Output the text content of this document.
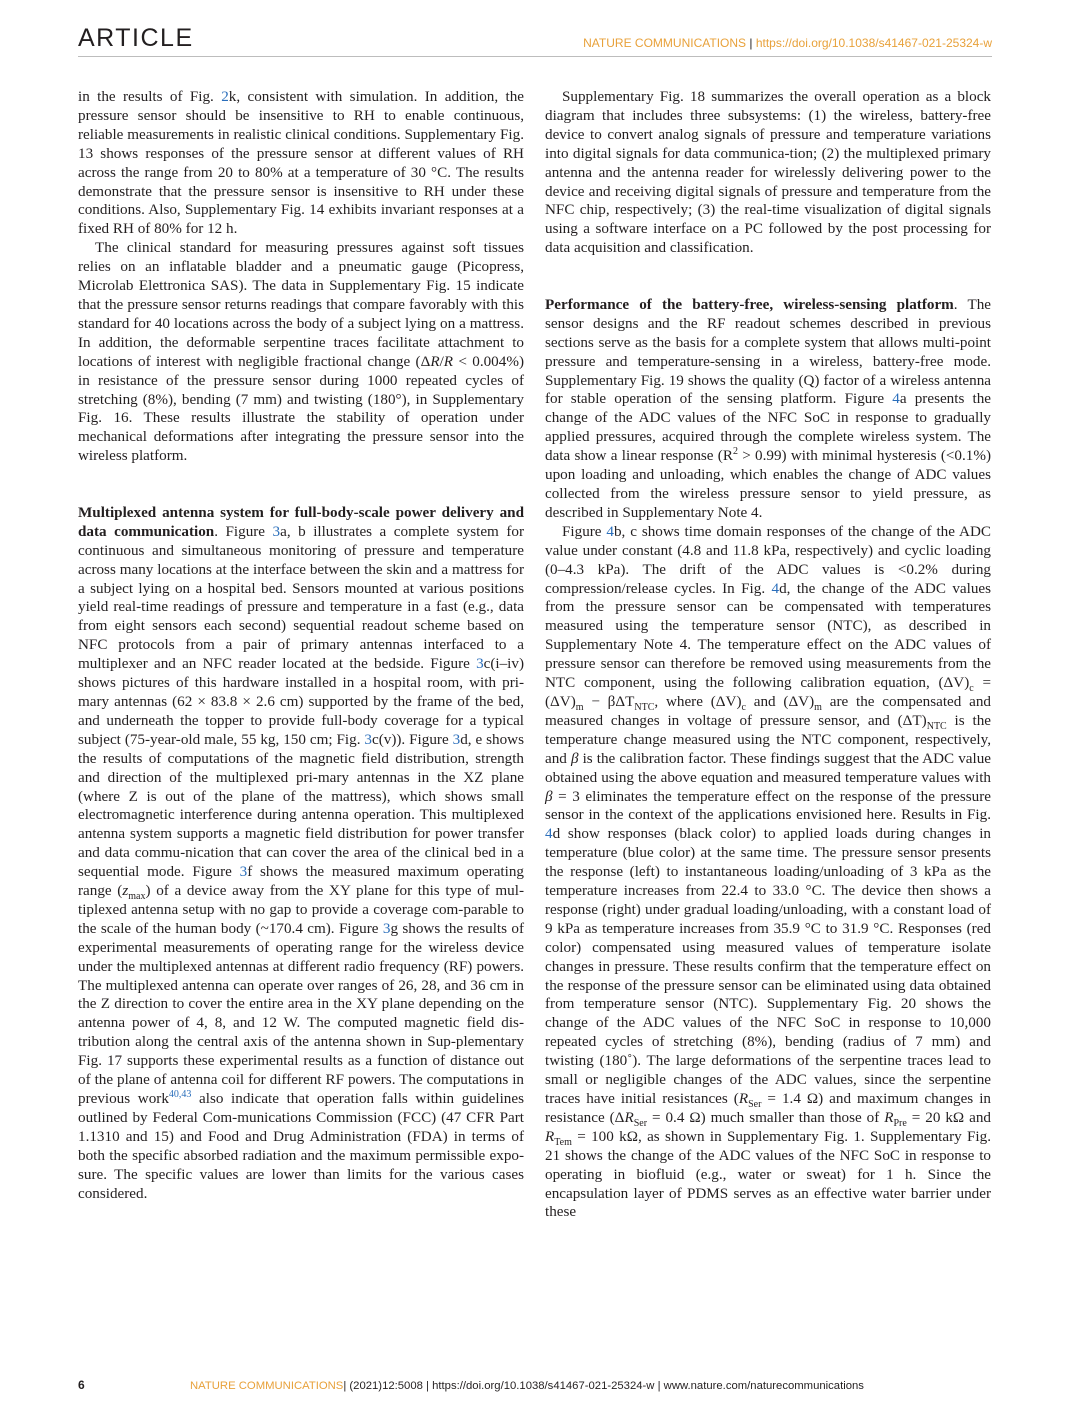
ARTICLE	NATURE COMMUNICATIONS | https://doi.org/10.1038/s41467-021-25324-w

in the results of Fig. 2k, consistent with simulation. In addition, the pressure sensor should be insensitive to RH to enable continuous, reliable measurements in realistic clinical conditions. Supplementary Fig. 13 shows responses of the pressure sensor at different values of RH across the range from 20 to 80% at a temperature of 30 °C. The results demonstrate that the pressure sensor is insensitive to RH under these conditions. Also, Supplementary Fig. 14 exhibits invariant responses at a fixed RH of 80% for 12 h.

The clinical standard for measuring pressures against soft tissues relies on an inflatable bladder and a pneumatic gauge (Picopress, Microlab Elettronica SAS). The data in Supplementary Fig. 15 indicate that the pressure sensor returns readings that compare favorably with this standard for 40 locations across the body of a subject lying on a mattress. In addition, the deformable serpentine traces facilitate attachment to locations of interest with negligible fractional change (ΔR/R < 0.004%) in resistance of the pressure sensor during 1000 repeated cycles of stretching (8%), bending (7 mm) and twisting (180°), in Supplementary Fig. 16. These results illustrate the stability of operation under mechanical deformations after integrating the pressure sensor into the wireless platform.

Multiplexed antenna system for full-body-scale power delivery and data communication. Figure 3a, b illustrates a complete system for continuous and simultaneous monitoring of pressure and temperature across many locations at the interface between the skin and a mattress for a subject lying on a hospital bed. Sensors mounted at various positions yield real-time readings of pressure and temperature in a fast (e.g., data from eight sensors each second) sequential readout scheme based on NFC protocols from a pair of primary antennas interfaced to a multiplexer and an NFC reader located at the bedside. Figure 3c(i–iv) shows pictures of this hardware installed in a hospital room, with pri-mary antennas (62 × 83.8 × 2.6 cm) supported by the frame of the bed, and underneath the topper to provide full-body coverage for a typical subject (75-year-old male, 55 kg, 150 cm; Fig. 3c(v)). Figure 3d, e shows the results of computations of the magnetic field distribution, strength and direction of the multiplexed pri-mary antennas in the XZ plane (where Z is out of the plane of the mattress), which shows small electromagnetic interference during antenna operation. This multiplexed antenna system supports a magnetic field distribution for power transfer and data commu-nication that can cover the area of the clinical bed in a sequential mode. Figure 3f shows the measured maximum operating range $(z_{max})$ of a device away from the XY plane for this type of mul-tiplexed antenna setup with no gap to provide a coverage com-parable to the scale of the human body (~170.4 cm). Figure 3g shows the results of experimental measurements of operating range for the wireless device under the multiplexed antennas at different radio frequency (RF) powers. The multiplexed antenna can operate over ranges of 26, 28, and 36 cm in the Z direction to cover the entire area in the XY plane depending on the antenna power of 4, 8, and 12 W. The computed magnetic field dis-tribution along the central axis of the antenna shown in Sup-plementary Fig. 17 supports these experimental results as a function of distance out of the plane of antenna coil for different RF powers. The computations in previous work$^{40,43}$ also indicate that operation falls within guidelines outlined by Federal Com-munications Commission (FCC) (47 CFR Part 1.1310 and 15) and Food and Drug Administration (FDA) in terms of both the specific absorbed radiation and the maximum permissible expo-sure. The specific values are lower than limits for the various cases considered.

Supplementary Fig. 18 summarizes the overall operation as a block diagram that includes three subsystems: (1) the wireless, battery-free device to convert analog signals of pressure and temperature variations into digital signals for data communica-tion; (2) the multiplexed primary antenna and the antenna reader for wirelessly delivering power to the device and receiving digital signals of pressure and temperature from the NFC chip, respectively; (3) the real-time visualization of digital signals using a software interface on a PC followed by the post processing for data acquisition and classification.

Performance of the battery-free, wireless-sensing platform. The sensor designs and the RF readout schemes described in previous sections serve as the basis for a complete system that allows multi-point pressure and temperature-sensing in a wireless, battery-free mode. Supplementary Fig. 19 shows the quality (Q) factor of a wireless antenna for stable operation of the sensing platform. Figure 4a presents the change of the ADC values of the NFC SoC in response to gradually applied pressures, acquired through the complete wireless system. The data show a linear response $(R^2 > 0.99)$ with minimal hysteresis (<0.1%) upon loading and unloading, which enables the change of ADC values collected from the wireless pressure sensor to yield pressure, as described in Supplementary Note 4.

Figure 4b, c shows time domain responses of the change of the ADC value under constant (4.8 and 11.8 kPa, respectively) and cyclic loading (0–4.3 kPa). The drift of the ADC values is <0.2% during compression/release cycles. In Fig. 4d, the change of the ADC values from the pressure sensor can be compensated with temperatures measured using the temperature sensor (NTC), as described in Supplementary Note 4. The temperature effect on the ADC values of pressure sensor can therefore be removed using measurements from the NTC component, using the following calibration equation, $(\Delta V)_c = (\Delta V)_m - \beta\Delta T_{NTC}$, where $(\Delta V)_c$ and $(\Delta V)_m$ are the compensated and measured changes in voltage of pressure sensor, and $(\Delta T)_{NTC}$ is the temperature change measured using the NTC component, respectively, and β is the calibration factor. These findings suggest that the ADC value obtained using the above equation and measured temperature values with β = 3 eliminates the temperature effect on the response of the pressure sensor in the context of the applications envisioned here. Results in Fig. 4d show responses (black color) to applied loads during changes in temperature (blue color) at the same time. The pressure sensor presents the response (left) to instantaneous loading/unloading of 3 kPa as the temperature increases from 22.4 to 33.0 °C. The device then shows a response (right) under gradual loading/unloading, with a constant load of 9 kPa as temperature increases from 35.9 °C to 31.9 °C. Responses (red color) compensated using measured values of temperature isolate changes in pressure. These results confirm that the temperature effect on the response of the pressure sensor can be eliminated using data obtained from temperature sensor (NTC). Supplementary Fig. 20 shows the change of the ADC values of the NFC SoC in response to 10,000 repeated cycles of stretching (8%), bending (radius of 7 mm) and twisting (180˚). The large deformations of the serpentine traces lead to small or negligible changes of the ADC values, since the serpentine traces have initial resistances ($R_{Ser} = 1.4$ Ω) and maximum changes in resistance ($\Delta R_{Ser} = 0.4$ Ω) much smaller than those of $R_{Pre} = 20$ kΩ and $R_{Tem} = 100$ kΩ, as shown in Supplementary Fig. 1. Supplementary Fig. 21 shows the change of the ADC values of the NFC SoC in response to operating in biofluid (e.g., water or sweat) for 1 h. Since the encapsulation layer of PDMS serves as an effective water barrier under these

6	NATURE COMMUNICATIONS| (2021)12:5008 | https://doi.org/10.1038/s41467-021-25324-w | www.nature.com/naturecommunications
